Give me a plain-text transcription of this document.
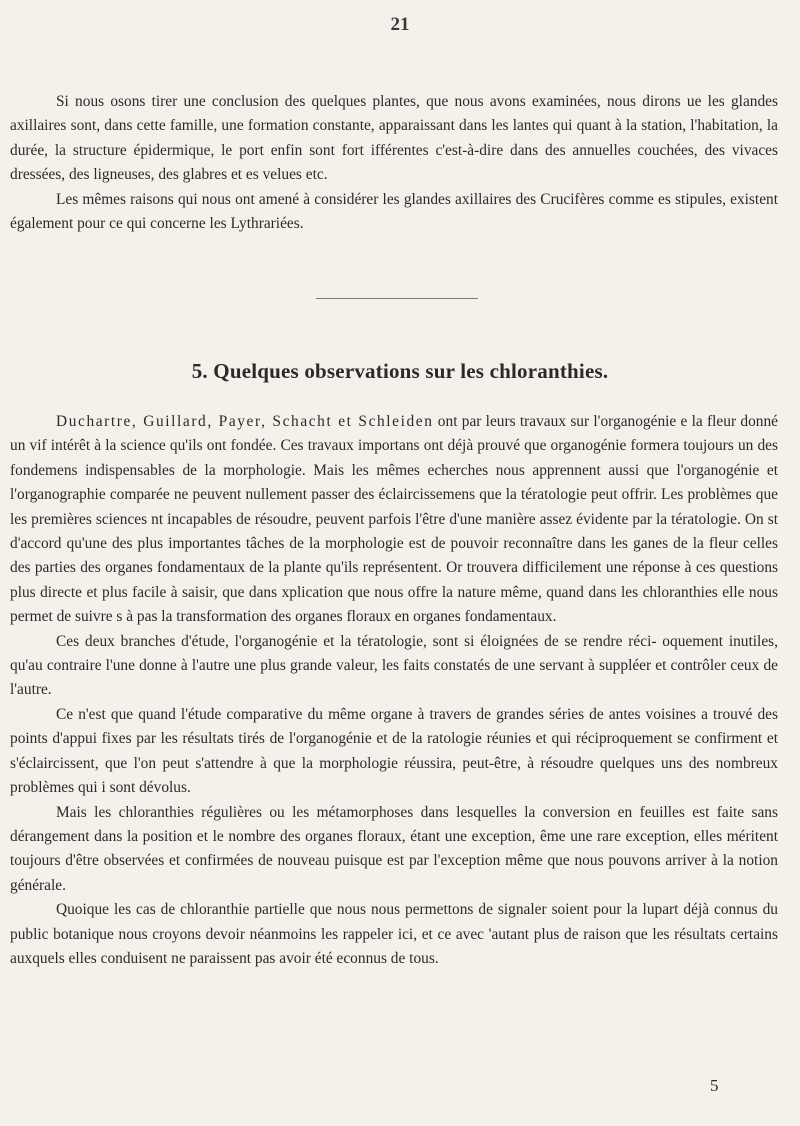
21

Si nous osons tirer une conclusion des quelques plantes, que nous avons examinées, nous dirons ue les glandes axillaires sont, dans cette famille, une formation constante, apparaissant dans les lantes qui quant à la station, l'habitation, la durée, la structure épidermique, le port enfin sont fort ifférentes c'est-à-dire dans des annuelles couchées, des vivaces dressées, des ligneuses, des glabres et es velues etc.

Les mêmes raisons qui nous ont amené à considérer les glandes axillaires des Crucifères comme es stipules, existent également pour ce qui concerne les Lythrariées.

5. Quelques observations sur les chloranthies.

Duchartre, Guillard, Payer, Schacht et Schleiden ont par leurs travaux sur l'organogénie e la fleur donné un vif intérêt à la science qu'ils ont fondée. Ces travaux importans ont déjà prouvé que organogénie formera toujours un des fondemens indispensables de la morphologie. Mais les mêmes echerches nous apprennent aussi que l'organogénie et l'organographie comparée ne peuvent nullement passer des éclaircissemens que la tératologie peut offrir. Les problèmes que les premières sciences nt incapables de résoudre, peuvent parfois l'être d'une manière assez évidente par la tératologie. On st d'accord qu'une des plus importantes tâches de la morphologie est de pouvoir reconnaître dans les ganes de la fleur celles des parties des organes fondamentaux de la plante qu'ils représentent. Or trouvera difficilement une réponse à ces questions plus directe et plus facile à saisir, que dans xplication que nous offre la nature même, quand dans les chloranthies elle nous permet de suivre s à pas la transformation des organes floraux en organes fondamentaux.

Ces deux branches d'étude, l'organogénie et la tératologie, sont si éloignées de se rendre réci- oquement inutiles, qu'au contraire l'une donne à l'autre une plus grande valeur, les faits constatés de une servant à suppléer et contrôler ceux de l'autre.

Ce n'est que quand l'étude comparative du même organe à travers de grandes séries de antes voisines a trouvé des points d'appui fixes par les résultats tirés de l'organogénie et de la ratologie réunies et qui réciproquement se confirment et s'éclaircissent, que l'on peut s'attendre à que la morphologie réussira, peut-être, à résoudre quelques uns des nombreux problèmes qui i sont dévolus.

Mais les chloranthies régulières ou les métamorphoses dans lesquelles la conversion en feuilles est faite sans dérangement dans la position et le nombre des organes floraux, étant une exception, ême une rare exception, elles méritent toujours d'être observées et confirmées de nouveau puisque est par l'exception même que nous pouvons arriver à la notion générale.

Quoique les cas de chloranthie partielle que nous nous permettons de signaler soient pour la lupart déjà connus du public botanique nous croyons devoir néanmoins les rappeler ici, et ce avec 'autant plus de raison que les résultats certains auxquels elles conduisent ne paraissent pas avoir été econnus de tous.

5
